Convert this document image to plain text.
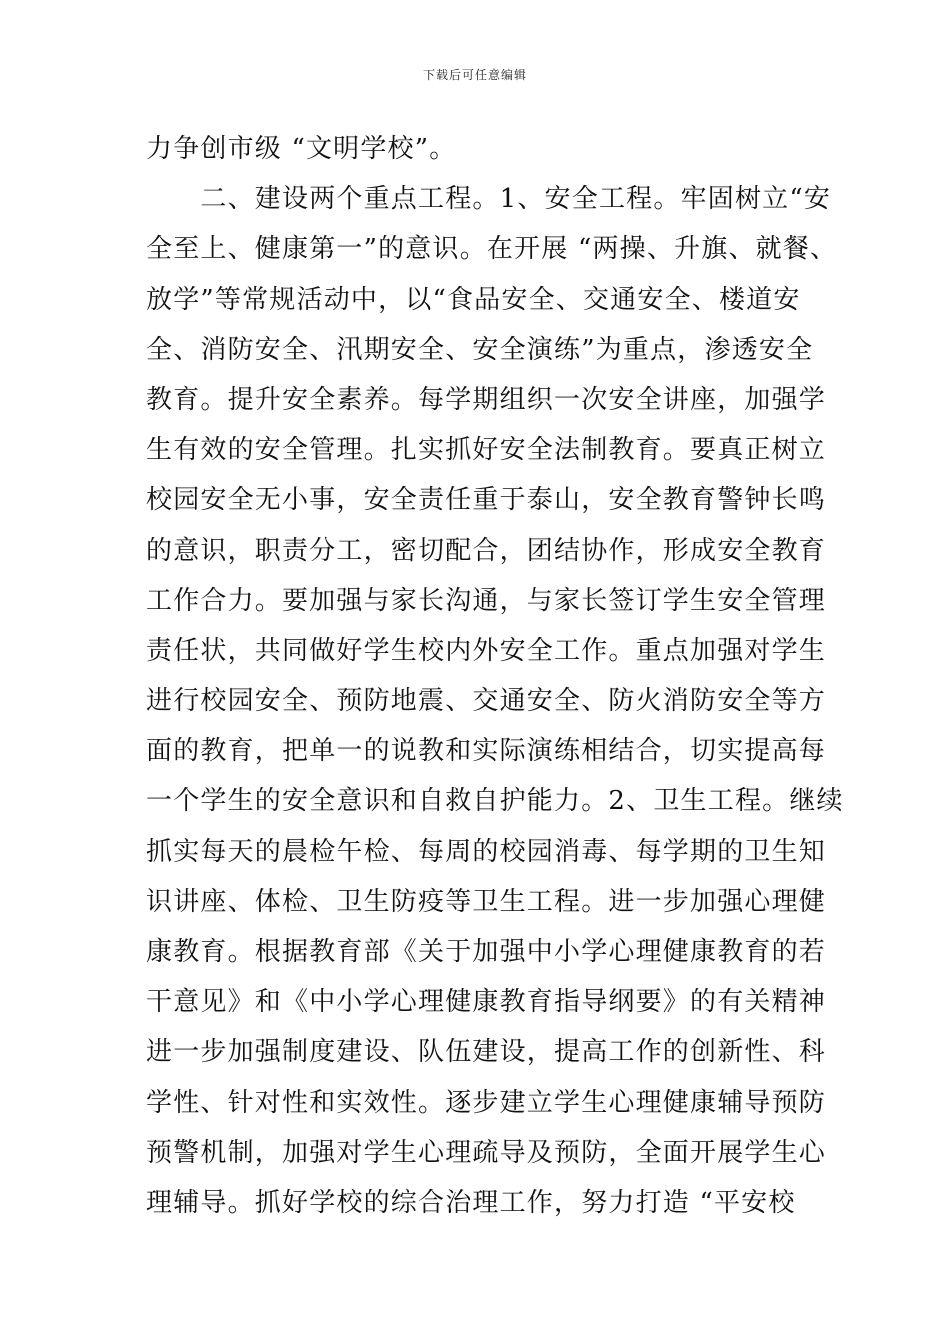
下载后可任意编辑
力争创市级 “文明学校”。
　　二、建设两个重点工程。1、安全工程。牢固树立“安
全至上、健康第一”的意识。在开展 “两操、升旗、就餐、
放学”等常规活动中，以“食品安全、交通安全、楼道安
全、消防安全、汛期安全、安全演练”为重点，渗透安全
教育。提升安全素养。每学期组织一次安全讲座，加强学
生有效的安全管理。扎实抓好安全法制教育。要真正树立
校园安全无小事，安全责任重于泰山，安全教育警钟长鸣
的意识，职责分工，密切配合，团结协作，形成安全教育
工作合力。要加强与家长沟通，与家长签订学生安全管理
责任状，共同做好学生校内外安全工作。重点加强对学生
进行校园安全、预防地震、交通安全、防火消防安全等方
面的教育，把单一的说教和实际演练相结合，切实提高每
一个学生的安全意识和自救自护能力。2、卫生工程。继续
抓实每天的晨检午检、每周的校园消毒、每学期的卫生知
识讲座、体检、卫生防疫等卫生工程。进一步加强心理健
康教育。根据教育部《关于加强中小学心理健康教育的若
干意见》和《中小学心理健康教育指导纲要》的有关精神
进一步加强制度建设、队伍建设，提高工作的创新性、科
学性、针对性和实效性。逐步建立学生心理健康辅导预防
预警机制，加强对学生心理疏导及预防，全面开展学生心
理辅导。抓好学校的综合治理工作，努力打造 “平安校
